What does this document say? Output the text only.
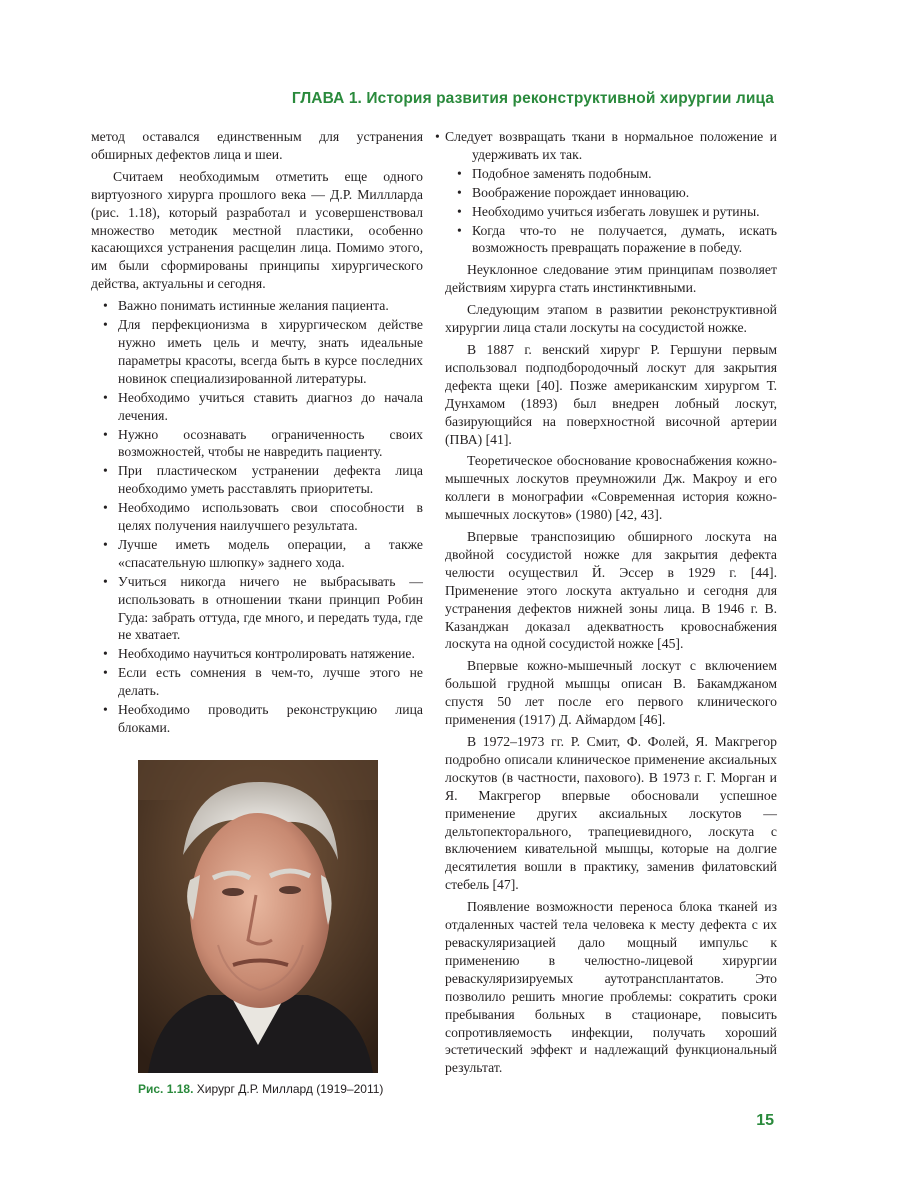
ГЛАВА 1. История развития реконструктивной хирургии лица

метод оставался единственным для устранения обширных дефектов лица и шеи.

Считаем необходимым отметить еще одного виртуозного хирурга прошлого века — Д.Р. Миллларда (рис. 1.18), который разработал и усовершенствовал множество методик местной пластики, особенно касающихся устранения расщелин лица. Помимо этого, им были сформированы принципы хирургического действа, актуальны и сегодня.

• Важно понимать истинные желания пациента.
• Для перфекционизма в хирургическом действе нужно иметь цель и мечту, знать идеальные параметры красоты, всегда быть в курсе последних новинок специализированной литературы.
• Необходимо учиться ставить диагноз до начала лечения.
• Нужно осознавать ограниченность своих возможностей, чтобы не навредить пациенту.
• При пластическом устранении дефекта лица необходимо уметь расставлять приоритеты.
• Необходимо использовать свои способности в целях получения наилучшего результата.
• Лучше иметь модель операции, а также «спасательную шлюпку» заднего хода.
• Учиться никогда ничего не выбрасывать — использовать в отношении ткани принцип Робин Гуда: забрать оттуда, где много, и передать туда, где не хватает.
• Необходимо научиться контролировать натяжение.
• Если есть сомнения в чем-то, лучше этого не делать.
• Необходимо проводить реконструкцию лица блоками.
Рис. 1.18. Хирург Д.Р. Миллард (1919–2011)
• Следует возвращать ткани в нормальное положение и удерживать их так.
• Подобное заменять подобным.
• Воображение порождает инновацию.
• Необходимо учиться избегать ловушек и рутины.
• Когда что-то не получается, думать, искать возможность превращать поражение в победу.

Неуклонное следование этим принципам позволяет действиям хирурга стать инстинктивными.

Следующим этапом в развитии реконструктивной хирургии лица стали лоскуты на сосудистой ножке.

В 1887 г. венский хирург Р. Гершуни первым использовал подподбородочный лоскут для закрытия дефекта щеки [40]. Позже американским хирургом Т. Дунхамом (1893) был внедрен лобный лоскут, базирующийся на поверхностной височной артерии (ПВА) [41].

Теоретическое обоснование кровоснабжения кожно-мышечных лоскутов преумножили Дж. Макроу и его коллеги в монографии «Современная история кожно-мышечных лоскутов» (1980) [42, 43].

Впервые транспозицию обширного лоскута на двойной сосудистой ножке для закрытия дефекта челюсти осуществил Й. Эссер в 1929 г. [44]. Применение этого лоскута актуально и сегодня для устранения дефектов нижней зоны лица. В 1946 г. В. Казанджан доказал адекватность кровоснабжения лоскута на одной сосудистой ножке [45].

Впервые кожно-мышечный лоскут с включением большой грудной мышцы описан В. Бакамджаном спустя 50 лет после его первого клинического применения (1917) Д. Аймардом [46].

В 1972–1973 гг. Р. Смит, Ф. Фолей, Я. Макгрегор подробно описали клиническое применение аксиальных лоскутов (в частности, пахового). В 1973 г. Г. Морган и Я. Макгрегор впервые обосновали успешное применение других аксиальных лоскутов — дельтопекторального, трапециевидного, лоскута с включением кивательной мышцы, которые на долгие десятилетия вошли в практику, заменив филатовский стебель [47].

Появление возможности переноса блока тканей из отдаленных частей тела человека к месту дефекта с их реваскуляризацией дало мощный импульс к применению в челюстно-лицевой хирургии реваскуляризируемых аутотрансплантатов. Это позволило решить многие проблемы: сократить сроки пребывания больных в стационаре, повысить сопротивляемость инфекции, получать хороший эстетический эффект и надлежащий функциональный результат.

15
